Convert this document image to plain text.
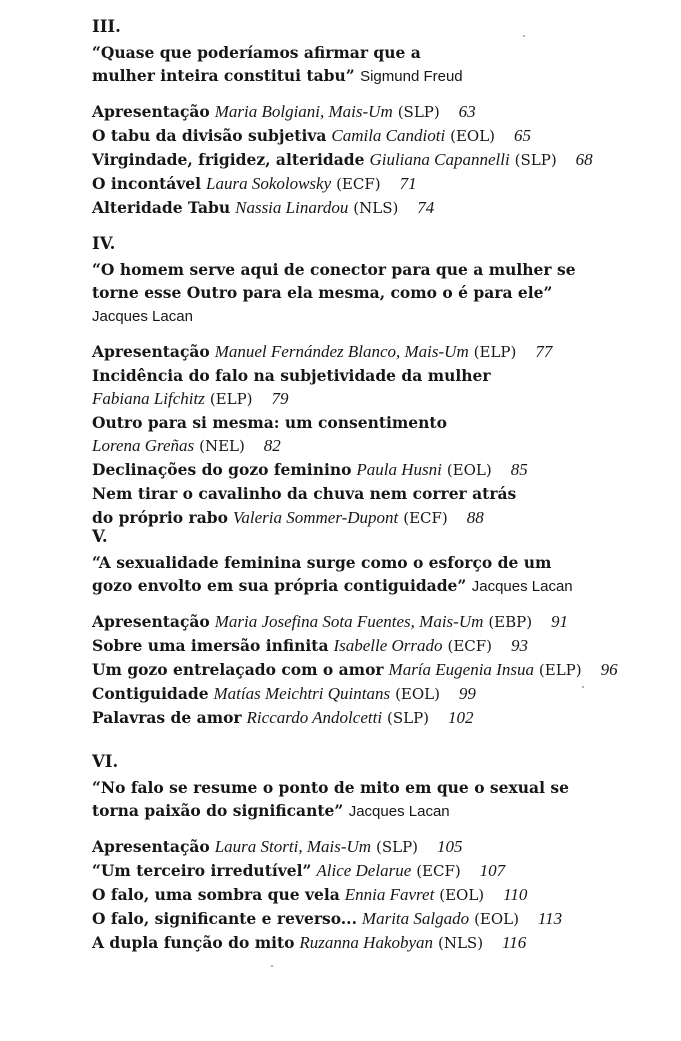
III.
“Quase que poderíamos afirmar que a mulher inteira constitui tabu” Sigmund Freud
Apresentação Maria Bolgiani, Mais-Um (SLP) 63
O tabu da divisão subjetiva Camila Candioti (EOL) 65
Virgindade, frigidez, alteridade Giuliana Capannelli (SLP) 68
O incontável Laura Sokolowsky (ECF) 71
Alteridade Tabu Nassia Linardou (NLS) 74
IV.
“O homem serve aqui de conector para que a mulher se torne esse Outro para ela mesma, como o é para ele” Jacques Lacan
Apresentação Manuel Fernández Blanco, Mais-Um (ELP) 77
Incidência do falo na subjetividade da mulher
Fabiana Lifchitz (ELP) 79
Outro para si mesma: um consentimento
Lorena Greñas (NEL) 82
Declinações do gozo feminino Paula Husni (EOL) 85
Nem tirar o cavalinho da chuva nem correr atrás do próprio rabo Valeria Sommer-Dupont (ECF) 88
V.
“A sexualidade feminina surge como o esforço de um gozo envolto em sua própria contiguidade” Jacques Lacan
Apresentação Maria Josefina Sota Fuentes, Mais-Um (EBP) 91
Sobre uma imersão infinita Isabelle Orrado (ECF) 93
Um gozo entrelaçado com o amor María Eugenia Insua (ELP) 96
Contiguidade Matías Meichtri Quintans (EOL) 99
Palavras de amor Riccardo Andolcetti (SLP) 102
VI.
“No falo se resume o ponto de mito em que o sexual se torna paixão do significante” Jacques Lacan
Apresentação Laura Storti, Mais-Um (SLP) 105
“Um terceiro irredutível” Alice Delarue (ECF) 107
O falo, uma sombra que vela Ennia Favret (EOL) 110
O falo, significante e reverso... Marita Salgado (EOL) 113
A dupla função do mito Ruzanna Hakobyan (NLS) 116
